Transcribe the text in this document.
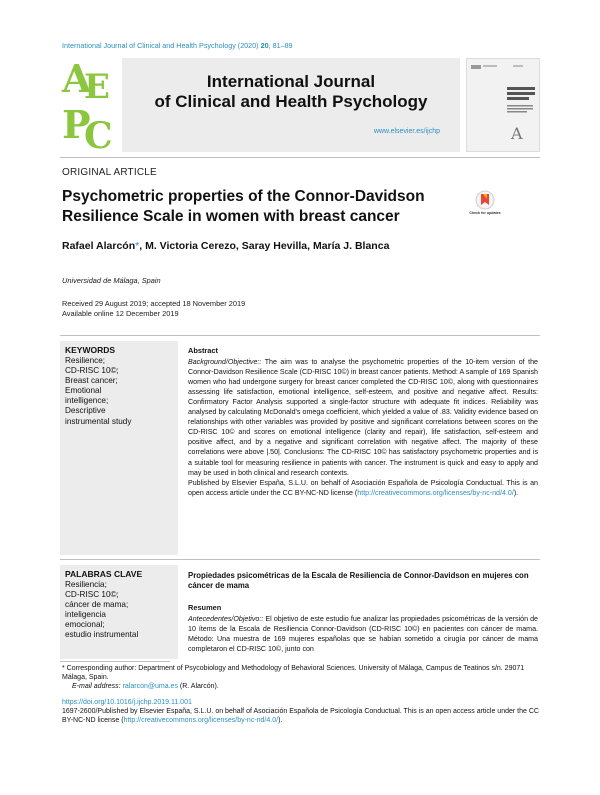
International Journal of Clinical and Health Psychology (2020) 20, 81–89
A
E
P
C
International Journal
of Clinical and Health Psychology
www.elsevier.es/ijchp	A
ORIGINAL ARTICLE
Psychometric properties of the Connor-Davidson Resilience Scale in women with breast cancer	Check for updates
Rafael Alarcón*, M. Victoria Cerezo, Saray Hevilla, María J. Blanca
Universidad de Málaga, Spain
Received 29 August 2019; accepted 18 November 2019
Available online 12 December 2019
KEYWORDS
Resilience;
CD-RISC 10©;
Breast cancer;
Emotional
intelligence;
Descriptive
instrumental study
Abstract
Background/Objective:: The aim was to analyse the psychometric properties of the 10-item version of the Connor-Davidson Resilience Scale (CD-RISC 10©) in breast cancer patients. Method: A sample of 169 Spanish women who had undergone surgery for breast cancer completed the CD-RISC 10©, along with questionnaires assessing life satisfaction, emotional intelligence, self-esteem, and positive and negative affect. Results: Confirmatory Factor Analysis supported a single-factor structure with adequate fit indices. Reliability was analysed by calculating McDonald's omega coefficient, which yielded a value of .83. Validity evidence based on relationships with other variables was provided by positive and significant correlations between scores on the CD-RISC 10© and scores on emotional intelligence (clarity and repair), life satisfaction, self-esteem and positive affect, and by a negative and significant correlation with negative affect. The majority of these correlations were above |.50|. Conclusions: The CD-RISC 10© has satisfactory psychometric properties and is a suitable tool for measuring resilience in patients with cancer. The instrument is quick and easy to apply and may be used in both clinical and research contexts.
Published by Elsevier España, S.L.U. on behalf of Asociación Española de Psicología Conductual. This is an open access article under the CC BY-NC-ND license (http://creativecommons.org/licenses/by-nc-nd/4.0/).
PALABRAS CLAVE
Resiliencia;
CD-RISC 10©;
cáncer de mama;
inteligencia
emocional;
estudio instrumental
Propiedades psicométricas de la Escala de Resiliencia de Connor-Davidson en mujeres con cáncer de mama
Resumen
Antecedentes/Objetivo:: El objetivo de este estudio fue analizar las propiedades psicométricas de la versión de 10 ítems de la Escala de Resiliencia Connor-Davidson (CD-RISC 10©) en pacientes con cáncer de mama. Método: Una muestra de 169 mujeres españolas que se habían sometido a cirugía por cáncer de mama completaron el CD-RISC 10©, junto con
* Corresponding author: Department of Psycobiology and Methodology of Behavioral Sciences. University of Málaga, Campus de Teatinos s/n. 29071 Málaga, Spain.
E-mail address: ralarcon@uma.es (R. Alarcón).
https://doi.org/10.1016/j.ijchp.2019.11.001
1697-2600/Published by Elsevier España, S.L.U. on behalf of Asociación Española de Psicología Conductual. This is an open access article under the CC BY-NC-ND license (http://creativecommons.org/licenses/by-nc-nd/4.0/).
